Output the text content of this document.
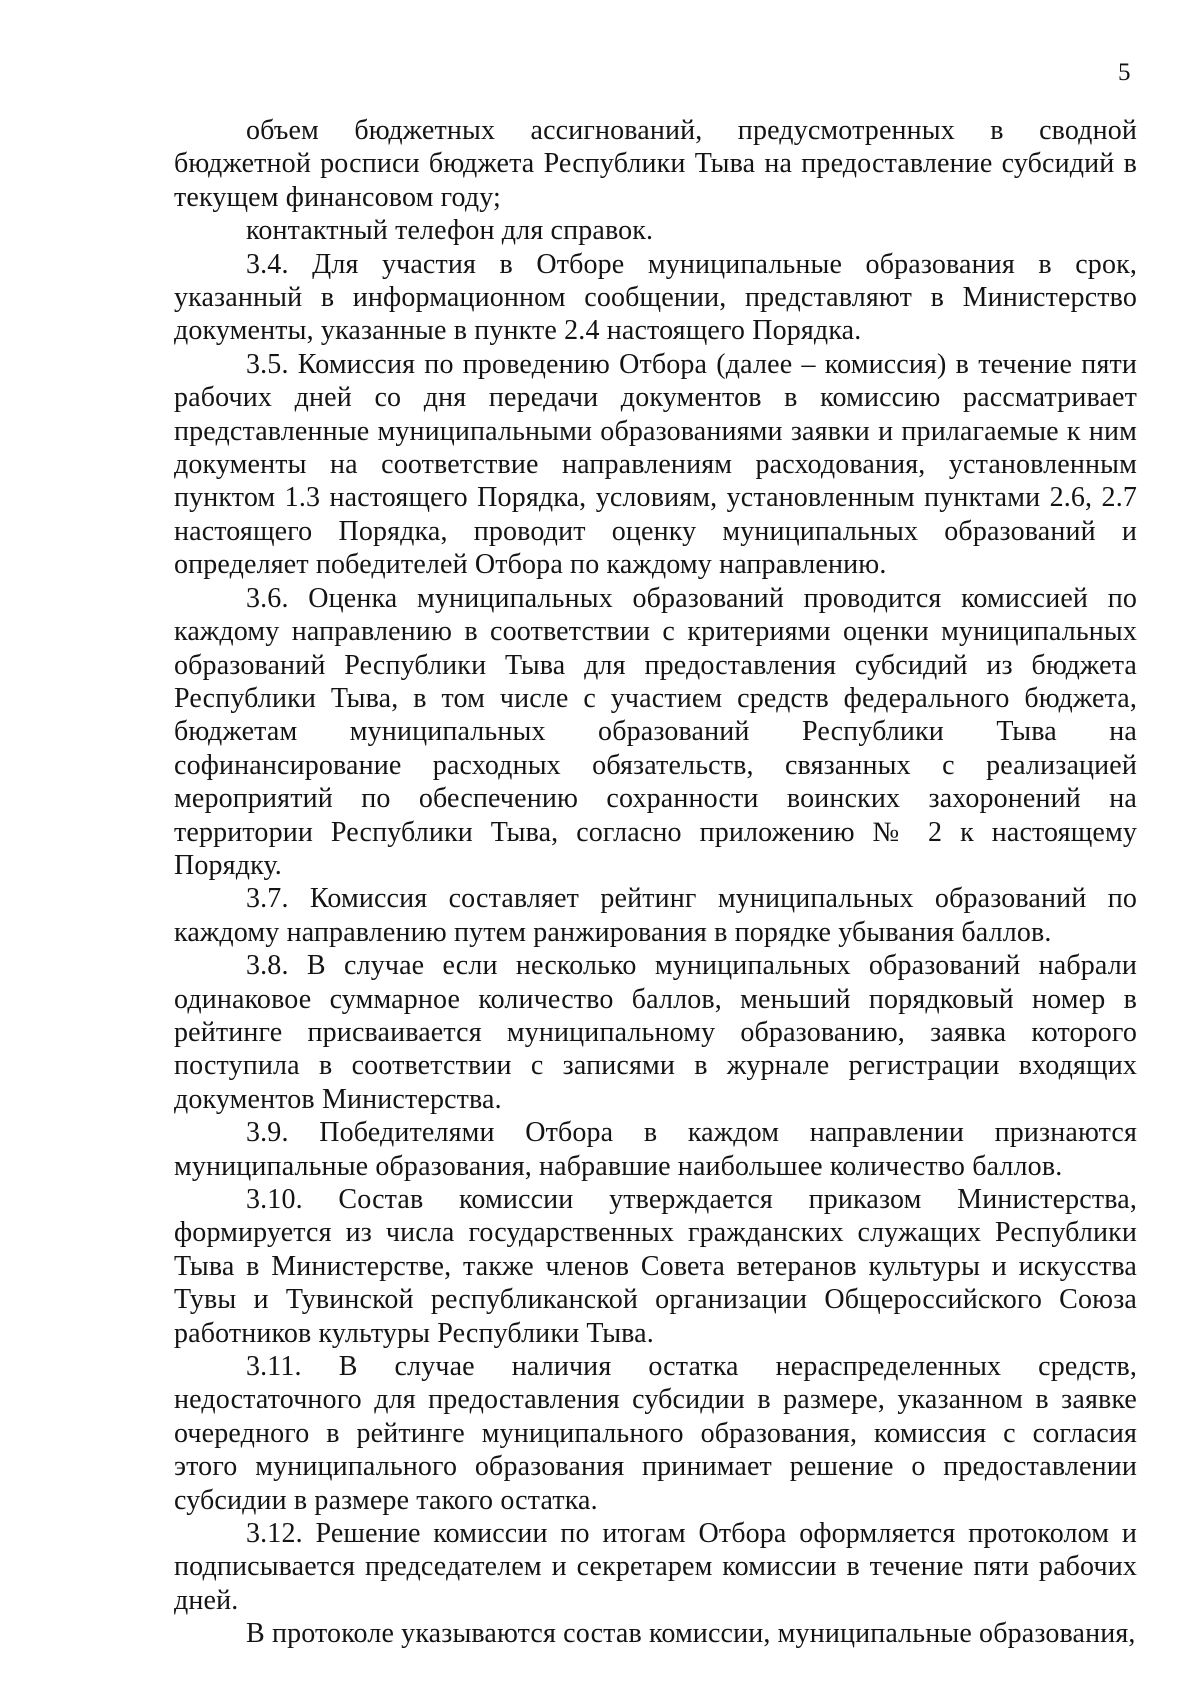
5

объем бюджетных ассигнований, предусмотренных в сводной бюджетной росписи бюджета Республики Тыва на предоставление субсидий в текущем финансовом году;

контактный телефон для справок.

3.4. Для участия в Отборе муниципальные образования в срок, указанный в информационном сообщении, представляют в Министерство документы, указанные в пункте 2.4 настоящего Порядка.

3.5. Комиссия по проведению Отбора (далее – комиссия) в течение пяти рабочих дней со дня передачи документов в комиссию рассматривает представленные муниципальными образованиями заявки и прилагаемые к ним документы на соответствие направлениям расходования, установленным пунктом 1.3 настоящего Порядка, условиям, установленным пунктами 2.6, 2.7 настоящего Порядка, проводит оценку муниципальных образований и определяет победителей Отбора по каждому направлению.

3.6. Оценка муниципальных образований проводится комиссией по каждому направлению в соответствии с критериями оценки муниципальных образований Республики Тыва для предоставления субсидий из бюджета Республики Тыва, в том числе с участием средств федерального бюджета, бюджетам муниципальных образований Республики Тыва на софинансирование расходных обязательств, связанных с реализацией мероприятий по обеспечению сохранности воинских захоронений на территории Республики Тыва, согласно приложению № 2 к настоящему Порядку.

3.7. Комиссия составляет рейтинг муниципальных образований по каждому направлению путем ранжирования в порядке убывания баллов.

3.8. В случае если несколько муниципальных образований набрали одинаковое суммарное количество баллов, меньший порядковый номер в рейтинге присваивается муниципальному образованию, заявка которого поступила в соответствии с записями в журнале регистрации входящих документов Министерства.

3.9. Победителями Отбора в каждом направлении признаются муниципальные образования, набравшие наибольшее количество баллов.

3.10. Состав комиссии утверждается приказом Министерства, формируется из числа государственных гражданских служащих Республики Тыва в Министерстве, также членов Совета ветеранов культуры и искусства Тувы и Тувинской республиканской организации Общероссийского Союза работников культуры Республики Тыва.

3.11. В случае наличия остатка нераспределенных средств, недостаточного для предоставления субсидии в размере, указанном в заявке очередного в рейтинге муниципального образования, комиссия с согласия этого муниципального образования принимает решение о предоставлении субсидии в размере такого остатка.

3.12. Решение комиссии по итогам Отбора оформляется протоколом и подписывается председателем и секретарем комиссии в течение пяти рабочих дней.

В протоколе указываются состав комиссии, муниципальные образования,
